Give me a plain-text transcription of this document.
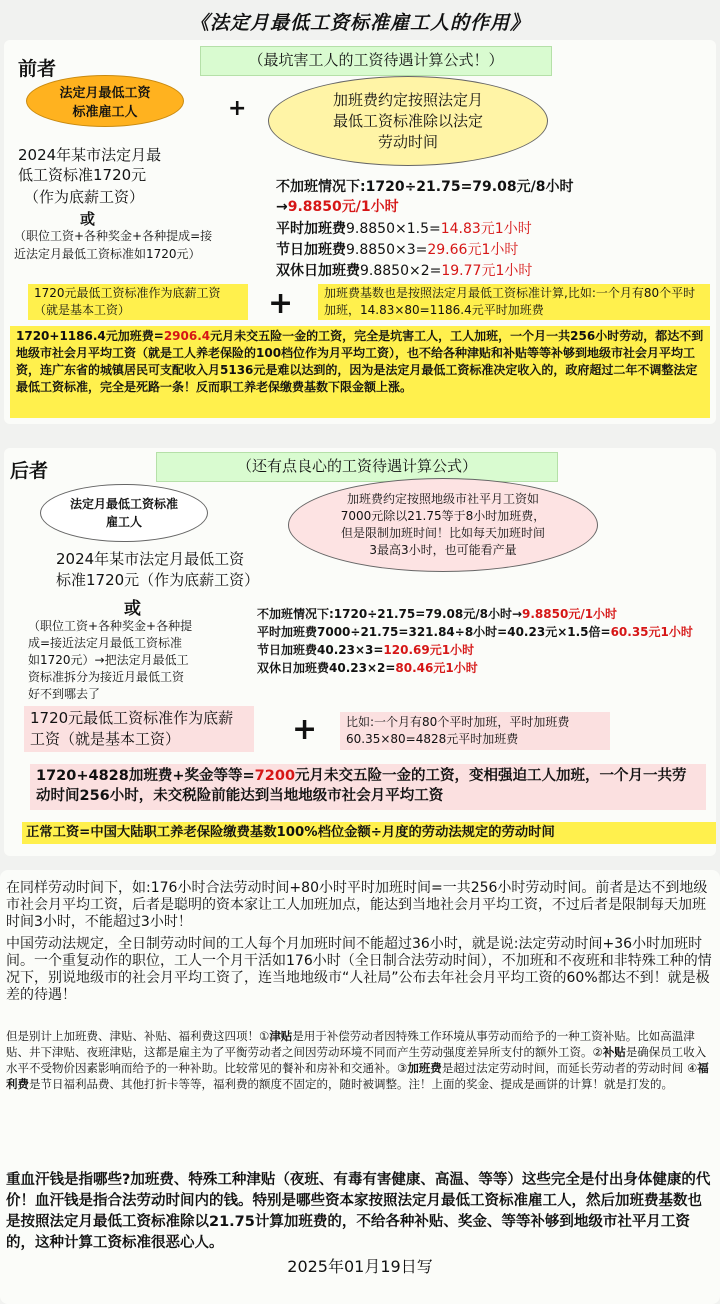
《法定月最低工资标准雇工人的作用》
前者	（最坑害工人的工资待遇计算公式！）
法定月最低工资标准雇工人	+	加班费约定按照法定月最低工资标准除以法定劳动时间
2024年某市法定月最
低工资标准1720元
（作为底薪工资）
或
（职位工资+各种奖金+各种提成=接
近法定月最低工资标准如1720元）
不加班情况下:1720÷21.75=79.08元/8小时
→9.8850元/1小时
平时加班费9.8850×1.5=14.83元1小时
节日加班费9.8850×3=29.66元1小时
双休日加班费9.8850×2=19.77元1小时
1720元最低工资标准作为底薪工资（就是基本工资）	+	加班费基数也是按照法定月最低工资标准计算,比如:一个月有80个平时加班，14.83×80=1186.4元平时加班费
1720+1186.4元加班费=2906.4元月未交五险一金的工资，完全是坑害工人，工人加班，一个月一共256小时劳动，都达不到地级市社会月平均工资（就是工人养老保险的100档位作为月平均工资），也不给各种津贴和补贴等等补够到地级市社会月平均工资，连广东省的城镇居民可支配收入月5136元是难以达到的，因为是法定月最低工资标准决定收入的，政府超过二年不调整法定最低工资标准，完全是死路一条！反而职工养老保缴费基数下限金额上涨。
后者	（还有点良心的工资待遇计算公式）
法定月最低工资标准雇工人
加班费约定按照地级市社平月工资如7000元除以21.75等于8小时加班费，但是限制加班时间！比如每天加班时间3最高3小时，也可能看产量
2024年某市法定月最低工资
标准1720元（作为底薪工资）
或
（职位工资+各种奖金+各种提
成=接近法定月最低工资标准
如1720元）→把法定月最低工
资标准拆分为接近月最低工资
好不到哪去了
不加班情况下:1720÷21.75=79.08元/8小时→9.8850元/1小时
平时加班费7000÷21.75=321.84÷8小时=40.23元×1.5倍=60.35元1小时
节日加班费40.23×3=120.69元1小时
双休日加班费40.23×2=80.46元1小时
1720元最低工资标准作为底薪工资（就是基本工资）	+	比如:一个月有80个平时加班，平时加班费60.35×80=4828元平时加班费
1720+4828加班费+奖金等等=7200元月未交五险一金的工资，变相强迫工人加班，一个月一共劳动时间256小时，未交税险前能达到当地地级市社会月平均工资
正常工资=中国大陆职工养老保险缴费基数100%档位金额÷月度的劳动法规定的劳动时间
在同样劳动时间下，如:176小时合法劳动时间+80小时平时加班时间=一共256小时劳动时间。前者是达不到地级市社会月平均工资，后者是聪明的资本家让工人加班加点，能达到当地社会月平均工资，不过后者是限制每天加班时间3小时，不能超过3小时！
中国劳动法规定，全日制劳动时间的工人每个月加班时间不能超过36小时，就是说:法定劳动时间+36小时加班时间。一个重复动作的职位，工人一个月干活如176小时（全日制合法劳动时间），不加班和不夜班和非特殊工种的情况下，别说地级市的社会月平均工资了，连当地地级市“人社局”公布去年社会月平均工资的60%都达不到！就是极差的待遇！
但是别计上加班费、津贴、补贴、福利费这四项！①津贴是用于补偿劳动者因特殊工作环境从事劳动而给予的一种工资补贴。比如高温津贴、井下津贴、夜班津贴，这都是雇主为了平衡劳动者之间因劳动环境不同而产生劳动强度差异所支付的额外工资。②补贴是确保员工收入水平不受物价因素影响而给予的一种补助。比较常见的餐补和房补和交通补。③加班费是超过法定劳动时间，而延长劳动者的劳动时间 ④福利费是节日福利品费、其他打折卡等等，福利费的额度不固定的，随时被调整。注！上面的奖金、提成是画饼的计算！就是打发的。
重血汗钱是指哪些?加班费、特殊工种津贴（夜班、有毒有害健康、高温、等等）这些完全是付出身体健康的代价！血汗钱是指合法劳动时间内的钱。特别是哪些资本家按照法定月最低工资标准雇工人，然后加班费基数也是按照法定月最低工资标准除以21.75计算加班费的，不给各种补贴、奖金、等等补够到地级市社平月工资的，这种计算工资标准很恶心人。
2025年01月19日写
